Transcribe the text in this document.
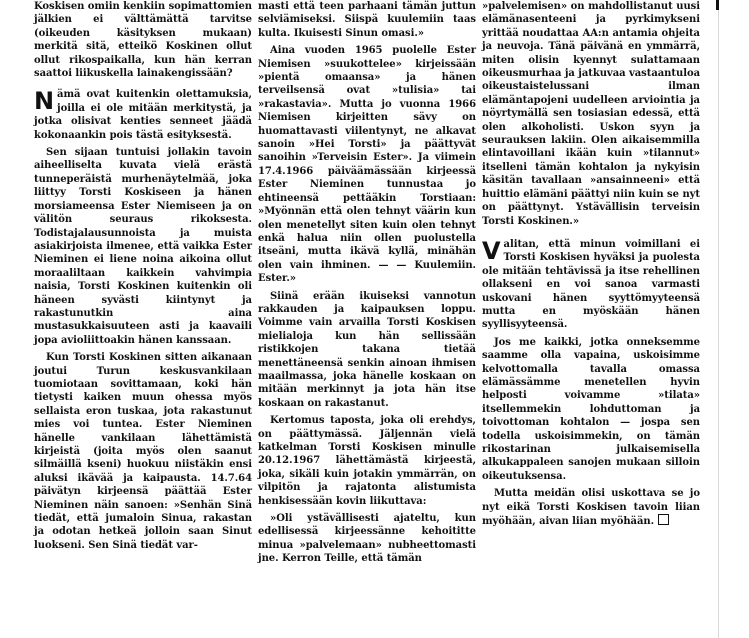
Koskisen omiin kenkiin sopimattomien jälkien ei välttämättä tarvitse (oikeuden käsityksen mukaan) merkitä sitä, etteikö Koskinen ollut ollut rikospaikalla, kun hän kerran saattoi liikuskella lainakengissään?

Nämä ovat kuitenkin olettamuksia, joilla ei ole mitään merkitystä, ja jotka olisivat kenties senneet jäädä kokonaankin pois tästä esityksestä.

Sen sijaan tuntuisi jollakin tavoin aiheelliselta kuvata vielä erästä tunneperäistä murhenäytelmää, joka liittyy Torsti Koskiseen ja hänen morsiameensa Ester Niemiseen ja on välitön seuraus rikoksesta. Todistajalausunnoista ja muista asiakirjoista ilmenee, että vaikka Ester Nieminen ei liene noina aikoina ollut moraaliltaan kaikkein vahvimpia naisia, Torsti Koskinen kuitenkin oli häneen syvästi kiintynyt ja rakastunutkin aina mustasukkaisuuteen asti ja kaavaili jopa avioliittoakin hänen kanssaan.

Kun Torsti Koskinen sitten aikanaan joutui Turun keskusvankilaan tuomiotaan sovittamaan, koki hän tietysti kaiken muun ohessa myös sellaista eron tuskaa, jota rakastunut mies voi tuntea. Ester Nieminen hänelle vankilaan lähettämistä kirjeistä (joita myös olen saanut silmäillä kseni) huokuu niistäkin ensi aluksi ikävää ja kaipausta. 14.7.64 päivätyn kirjeensä päättää Ester Nieminen näin sanoen: »Senhän Sinä tiedät, että jumaloin Sinua, rakastan ja odotan hetkeä jolloin saan Sinut luokseni. Sen Sinä tiedät var-

masti että teen parhaani tämän juttun selviämiseksi. Siispä kuulemiin taas kulta. Ikuisesti Sinun omasi.»

Aina vuoden 1965 puolelle Ester Niemisen »suukottelee» kirjeissään »pientä omaansa» ja hänen terveilsensä ovat »tulisia» tai »rakastavia». Mutta jo vuonna 1966 Niemisen kirjeitten sävy on huomattavasti viilentynyt, ne alkavat sanoin »Hei Torsti» ja päättyvät sanoihin »Terveisin Ester». Ja viimein 17.4.1966 päiväämässään kirjeessä Ester Nieminen tunnustaa jo ehtineensä pettääkin Torstiaan: »Myönnän että olen tehnyt väärin kun olen menetellyt siten kuin olen tehnyt enkä halua niin ollen puolustella itseäni, mutta ikävä kyllä, minähän olen vain ihminen. — — Kuulemiin. Ester.»

Siinä erään ikuiseksi vannotun rakkauden ja kaipauksen loppu. Voimme vain arvailla Torsti Koskisen mielialoja kun hän sellissään ristikkojen takana tietää menettäneensä senkin ainoan ihmisen maailmassa, joka hänelle koskaan on mitään merkinnyt ja jota hän itse koskaan on rakastanut.

Kertomus taposta, joka oli erehdys, on päättymässä. Jäljennän vielä katkelman Torsti Koskisen minulle 20.12.1967 lähettämästä kirjeestä, joka, sikäli kuin jotakin ymmärrän, on vilpitön ja rajatonta alistumista henkisessään kovin liikuttava:

»Oli ystävällisesti ajateltu, kun edellisessä kirjeessänne kehoititte minua »palvelemaan» nubheettomasti jne. Kerron Teille, että tämän

»palvelemisen» on mahdollistanut uusi elämänasenteeni ja pyrkimykseni yrittää noudattaa AA:n antamia ohjeita ja neuvoja. Tänä päivänä en ymmärrä, miten olisin kyennyt sulattamaan oikeusmurhaa ja jatkuvaa vastaantuloa oikeustaistelussani ilman elämäntapojeni uudelleen arviointia ja nöyrtymällä sen tosiasian edessä, että olen alkoholisti. Uskon syyn ja seurauksen lakiin. Olen aikaisemmilla elintavoillani ikään kuin »tilannut» itselleni tämän kohtalon ja nykyisin käsitän tavallaan »ansainneeni» että huittio elämäni päättyi niin kuin se nyt on päättynyt. Ystävällisin terveisin Torsti Koskinen.»

Valitan, että minun voimillani ei Torsti Koskisen hyväksi ja puolesta ole mitään tehtävissä ja itse rehellinen ollakseni en voi sanoa varmasti uskovani hänen syyttömyyteensä mutta en myöskään hänen syyllisyyteensä.

Jos me kaikki, jotka onneksemme saamme olla vapaina, uskoisimme kelvottomalla tavalla omassa elämässämme menetellen hyvin helposti voivamme »tilata» itsellemmekin lohduttoman ja toivottoman kohtalon — jospa sen todella uskoisimmekin, on tämän rikostarinan julkaisemisella alkukappaleen sanojen mukaan silloin oikeutuksensa.

Mutta meidän olisi uskottava se jo nyt eikä Torsti Koskisen tavoin liian myöhään, aivan liian myöhään.
